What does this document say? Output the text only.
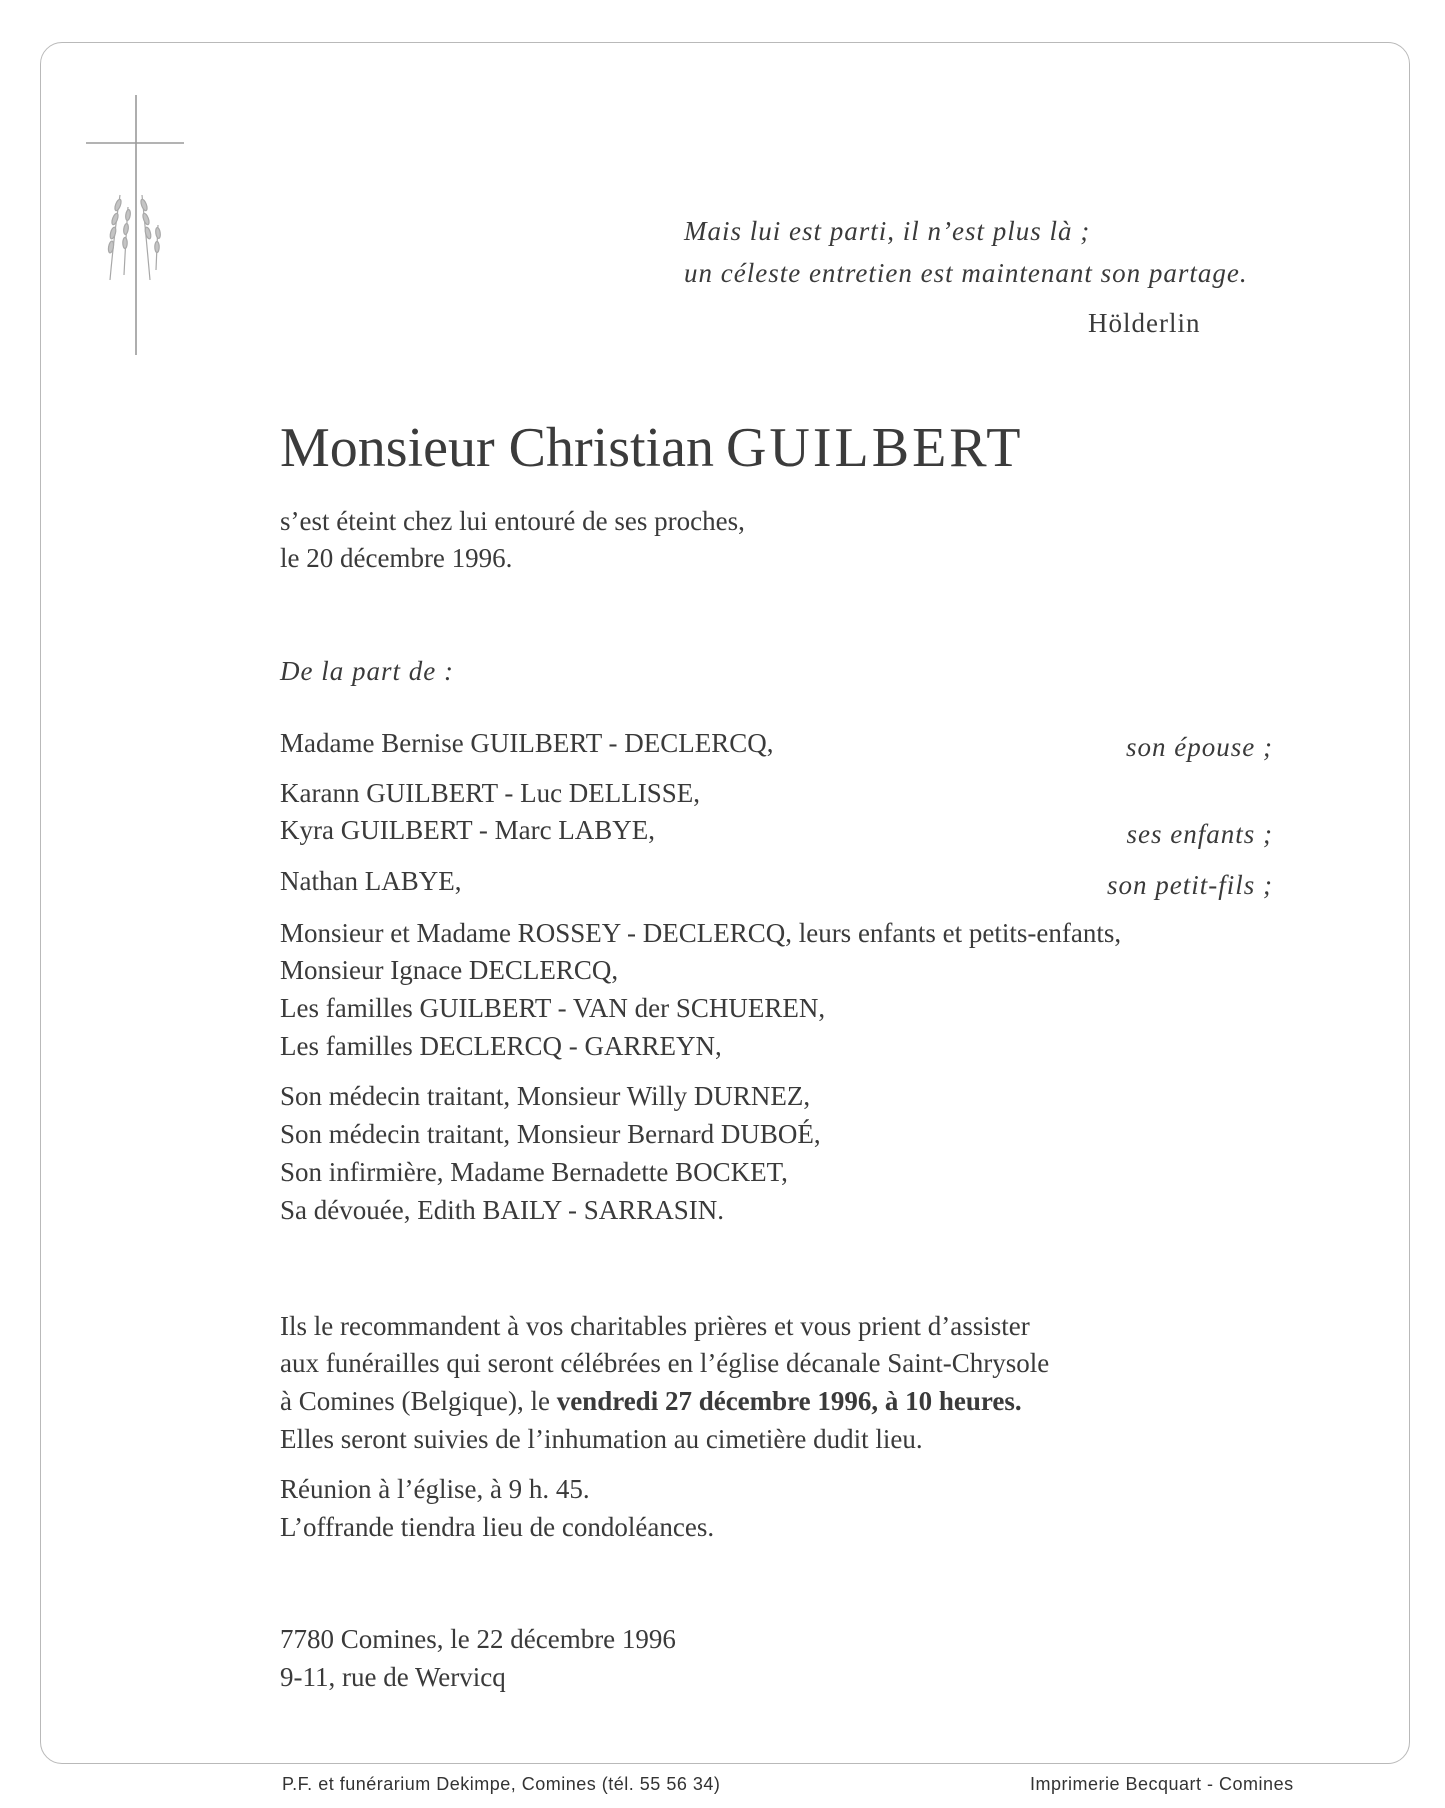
Mais lui est parti, il n’est plus là ;
un céleste entretien est maintenant son partage.
Hölderlin
Monsieur Christian GUILBERT
s’est éteint chez lui entouré de ses proches,
le 20 décembre 1996.
De la part de :
Madame Bernise GUILBERT - DECLERCQ,	son épouse ;
Karann GUILBERT - Luc DELLISSE,
Kyra GUILBERT - Marc LABYE,	ses enfants ;
Nathan LABYE,	son petit-fils ;
Monsieur et Madame ROSSEY - DECLERCQ, leurs enfants et petits-enfants,
Monsieur Ignace DECLERCQ,
Les familles GUILBERT - VAN der SCHUEREN,
Les familles DECLERCQ - GARREYN,
Son médecin traitant, Monsieur Willy DURNEZ,
Son médecin traitant, Monsieur Bernard DUBOÉ,
Son infirmière, Madame Bernadette BOCKET,
Sa dévouée, Edith BAILY - SARRASIN.
Ils le recommandent à vos charitables prières et vous prient d’assister
aux funérailles qui seront célébrées en l’église décanale Saint-Chrysole
à Comines (Belgique), le vendredi 27 décembre 1996, à 10 heures.
Elles seront suivies de l’inhumation au cimetière dudit lieu.
Réunion à l’église, à 9 h. 45.
L’offrande tiendra lieu de condoléances.
7780 Comines, le 22 décembre 1996
9-11, rue de Wervicq
P.F. et funérarium Dekimpe, Comines (tél. 55 56 34)	Imprimerie Becquart - Comines
